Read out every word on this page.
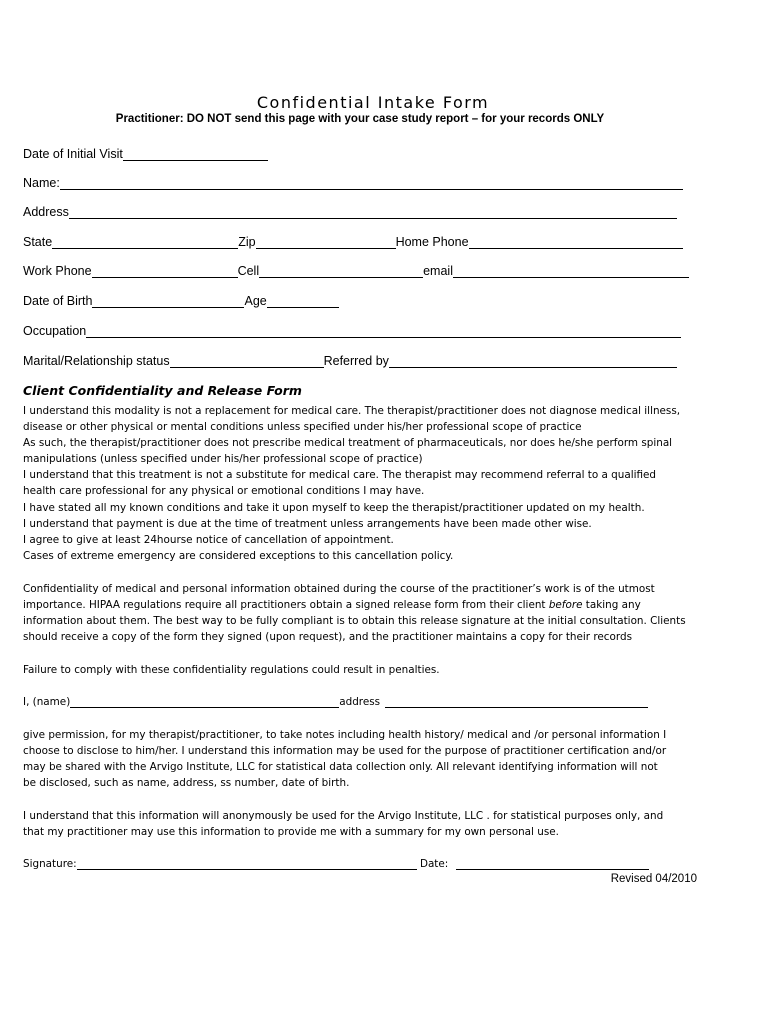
Confidential Intake Form
Practitioner: DO NOT send this page with your case study report – for your records ONLY
Date of Initial Visit
Name:
Address
State	Zip	Home Phone
Work Phone	Cell	email
Date of Birth	Age
Occupation
Marital/Relationship status	Referred by
Client Confidentiality and Release Form
I understand this modality is not a replacement for medical care. The therapist/practitioner does not diagnose medical illness,
disease or other physical or mental conditions unless specified under his/her professional scope of practice
As such, the therapist/practitioner does not prescribe medical treatment of pharmaceuticals, nor does he/she perform spinal
manipulations (unless specified under his/her professional scope of practice)
I understand that this treatment is not a substitute for medical care. The therapist may recommend referral to a qualified
health care professional for any physical or emotional conditions I may have.
I have stated all my known conditions and take it upon myself to keep the therapist/practitioner updated on my health.
I understand that payment is due at the time of treatment unless arrangements have been made other wise.
I agree to give at least 24hourse notice of cancellation of appointment.
Cases of extreme emergency are considered exceptions to this cancellation policy.
Confidentiality of medical and personal information obtained during the course of the practitioner’s work is of the utmost
importance. HIPAA regulations require all practitioners obtain a signed release form from their client before taking any
information about them. The best way to be fully compliant is to obtain this release signature at the initial consultation. Clients
should receive a copy of the form they signed (upon request), and the practitioner maintains a copy for their records
Failure to comply with these confidentiality regulations could result in penalties.
I, (name)	address
give permission, for my therapist/practitioner, to take notes including health history/ medical and /or personal information I
choose to disclose to him/her. I understand this information may be used for the purpose of practitioner certification and/or
may be shared with the Arvigo Institute, LLC for statistical data collection only. All relevant identifying information will not
be disclosed, such as name, address, ss number, date of birth.
I understand that this information will anonymously be used for the Arvigo Institute, LLC . for statistical purposes only, and
that my practitioner may use this information to provide me with a summary for my own personal use.
Signature:	Date:
Revised 04/2010
